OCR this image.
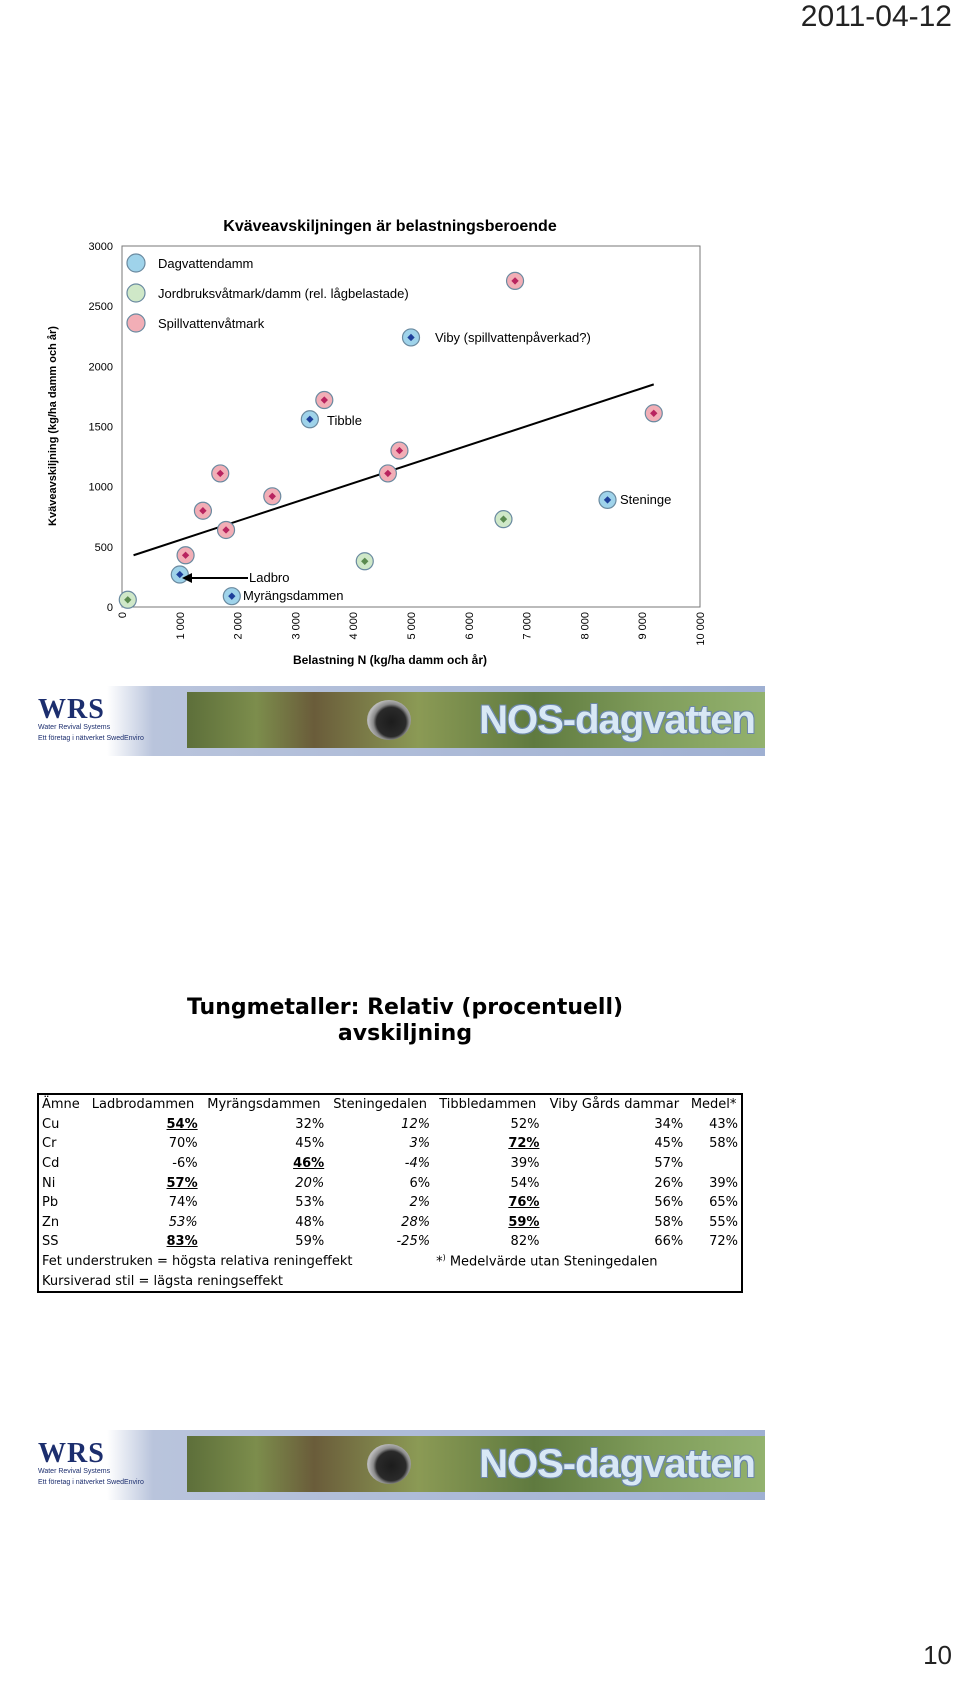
2011-04-12
Kväveavskiljningen är belastningsberoende
Belastning N (kg/ha damm och år)
Kväveavskiljning (kg/ha damm och år)
0
500
1000
1500
2000
2500
3000
0	1 000	2 000	3 000	4 000	5 000	6 000	7 000	8 000	9 000	10 000
Dagvattendamm
Jordbruksvåtmark/damm (rel. lågbelastade)
Spillvattenvåtmark
Tibble
Viby (spillvattenpåverkad?)
Steninge
Ladbro
Myrängsdammen
WRS
Water Revival Systems
Ett företag i nätverket SwedEnviro	NOS-dagvatten
Tungmetaller: Relativ (procentuell)
avskiljning
Ämne	Ladbrodammen	Myrängsdammen	Steningedalen	Tibbledammen	Viby Gårds dammar	Medel*
Cu	54%	32%	12%	52%	34%	43%
Cr	70%	45%	3%	72%	45%	58%
Cd	-6%	46%	-4%	39%	57%	
Ni	57%	20%	6%	54%	26%	39%
Pb	74%	53%	2%	76%	56%	65%
Zn	53%	48%	28%	59%	58%	55%
SS	83%	59%	-25%	82%	66%	72%
Fet understruken = högsta relativa reningeffekt				*) Medelvärde utan Steningedalen		
Kursiverad stil = lägsta reningseffekt						
WRS
Water Revival Systems
Ett företag i nätverket SwedEnviro	NOS-dagvatten
10
